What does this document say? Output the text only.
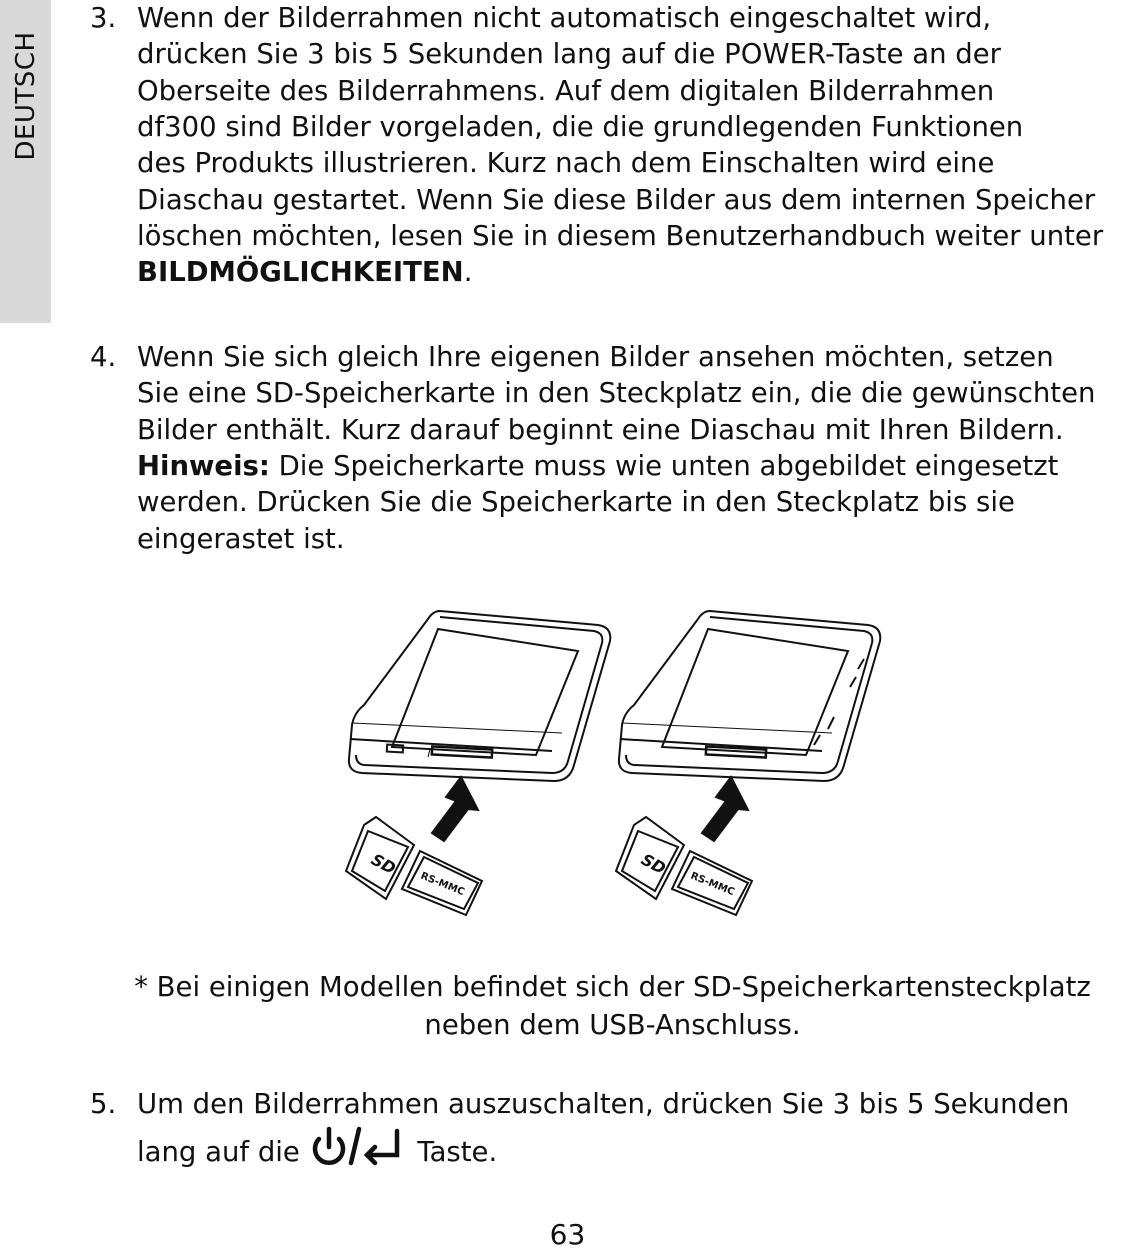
DEUTSCH
3. Wenn der Bilderrahmen nicht automatisch eingeschaltet wird,
drücken Sie 3 bis 5 Sekunden lang auf die POWER-Taste an der
Oberseite des Bilderrahmens. Auf dem digitalen Bilderrahmen
df300 sind Bilder vorgeladen, die die grundlegenden Funktionen
des Produkts illustrieren. Kurz nach dem Einschalten wird eine
Diaschau gestartet. Wenn Sie diese Bilder aus dem internen Speicher
löschen möchten, lesen Sie in diesem Benutzerhandbuch weiter unter
BILDMÖGLICHKEITEN.
4. Wenn Sie sich gleich Ihre eigenen Bilder ansehen möchten, setzen
Sie eine SD-Speicherkarte in den Steckplatz ein, die die gewünschten
Bilder enthält. Kurz darauf beginnt eine Diaschau mit Ihren Bildern.
Hinweis: Die Speicherkarte muss wie unten abgebildet eingesetzt
werden. Drücken Sie die Speicherkarte in den Steckplatz bis sie
eingerastet ist.
SD
RS-MMC
SD
RS-MMC
* Bei einigen Modellen befindet sich der SD-Speicherkartensteckplatz
neben dem USB-Anschluss.
5. Um den Bilderrahmen auszuschalten, drücken Sie 3 bis 5 Sekunden
lang auf die	Taste.
63
